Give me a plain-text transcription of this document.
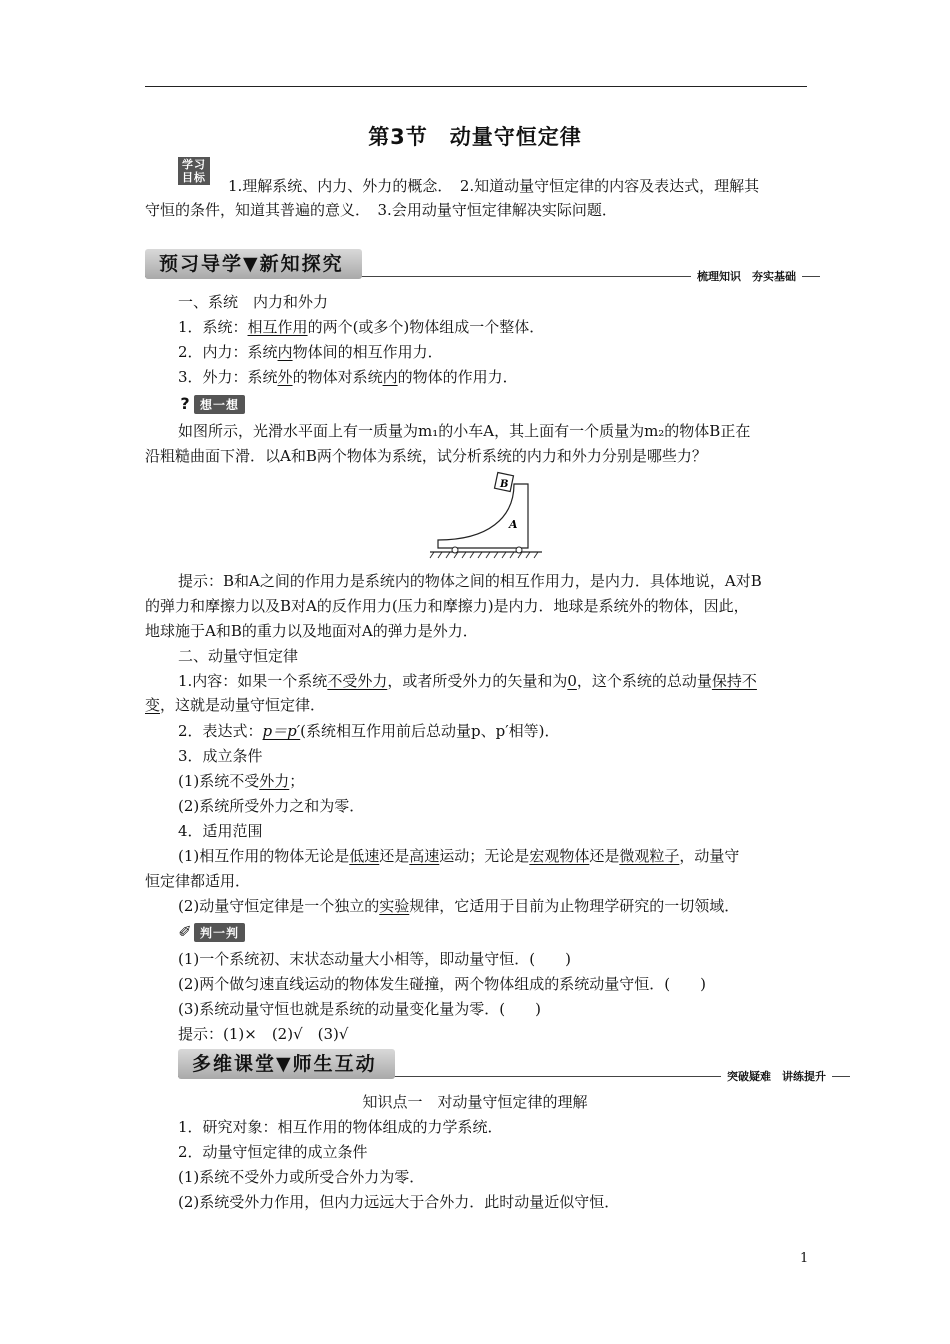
第3节　动量守恒定律
学习
目标 1.理解系统、内力、外力的概念．　2.知道动量守恒定律的内容及表达式，理解其
守恒的条件，知道其普遍的意义．　3.会用动量守恒定律解决实际问题．
预习导学▼新知探究
梳理知识　夯实基础
一、系统　内力和外力
1．系统：相互作用的两个(或多个)物体组成一个整体．
2．内力：系统内物体间的相互作用力．
3．外力：系统外的物体对系统内的物体的作用力．
? 想一想
如图所示，光滑水平面上有一质量为m₁的小车A，其上面有一个质量为m₂的物体B正在
沿粗糙曲面下滑．以A和B两个物体为系统，试分析系统的内力和外力分别是哪些力？
B
A
提示：B和A之间的作用力是系统内的物体之间的相互作用力，是内力．具体地说，A对B
的弹力和摩擦力以及B对A的反作用力(压力和摩擦力)是内力．地球是系统外的物体，因此，
地球施于A和B的重力以及地面对A的弹力是外力．
二、动量守恒定律
1.内容：如果一个系统不受外力，或者所受外力的矢量和为0，这个系统的总动量保持不
变，这就是动量守恒定律．
2．表达式：p＝p′(系统相互作用前后总动量p、p′相等)．
3．成立条件
(1)系统不受外力；
(2)系统所受外力之和为零．
4．适用范围
(1)相互作用的物体无论是低速还是高速运动；无论是宏观物体还是微观粒子，动量守
恒定律都适用．
(2)动量守恒定律是一个独立的实验规律，它适用于目前为止物理学研究的一切领域．
✐ 判一判
(1)一个系统初、末状态动量大小相等，即动量守恒．(　　)
(2)两个做匀速直线运动的物体发生碰撞，两个物体组成的系统动量守恒．(　　)
(3)系统动量守恒也就是系统的动量变化量为零．(　　)
提示：(1)×　(2)√　(3)√
多维课堂▼师生互动
突破疑难　讲练提升
知识点一　对动量守恒定律的理解
1．研究对象：相互作用的物体组成的力学系统．
2．动量守恒定律的成立条件
(1)系统不受外力或所受合外力为零．
(2)系统受外力作用，但内力远远大于合外力．此时动量近似守恒．
1
